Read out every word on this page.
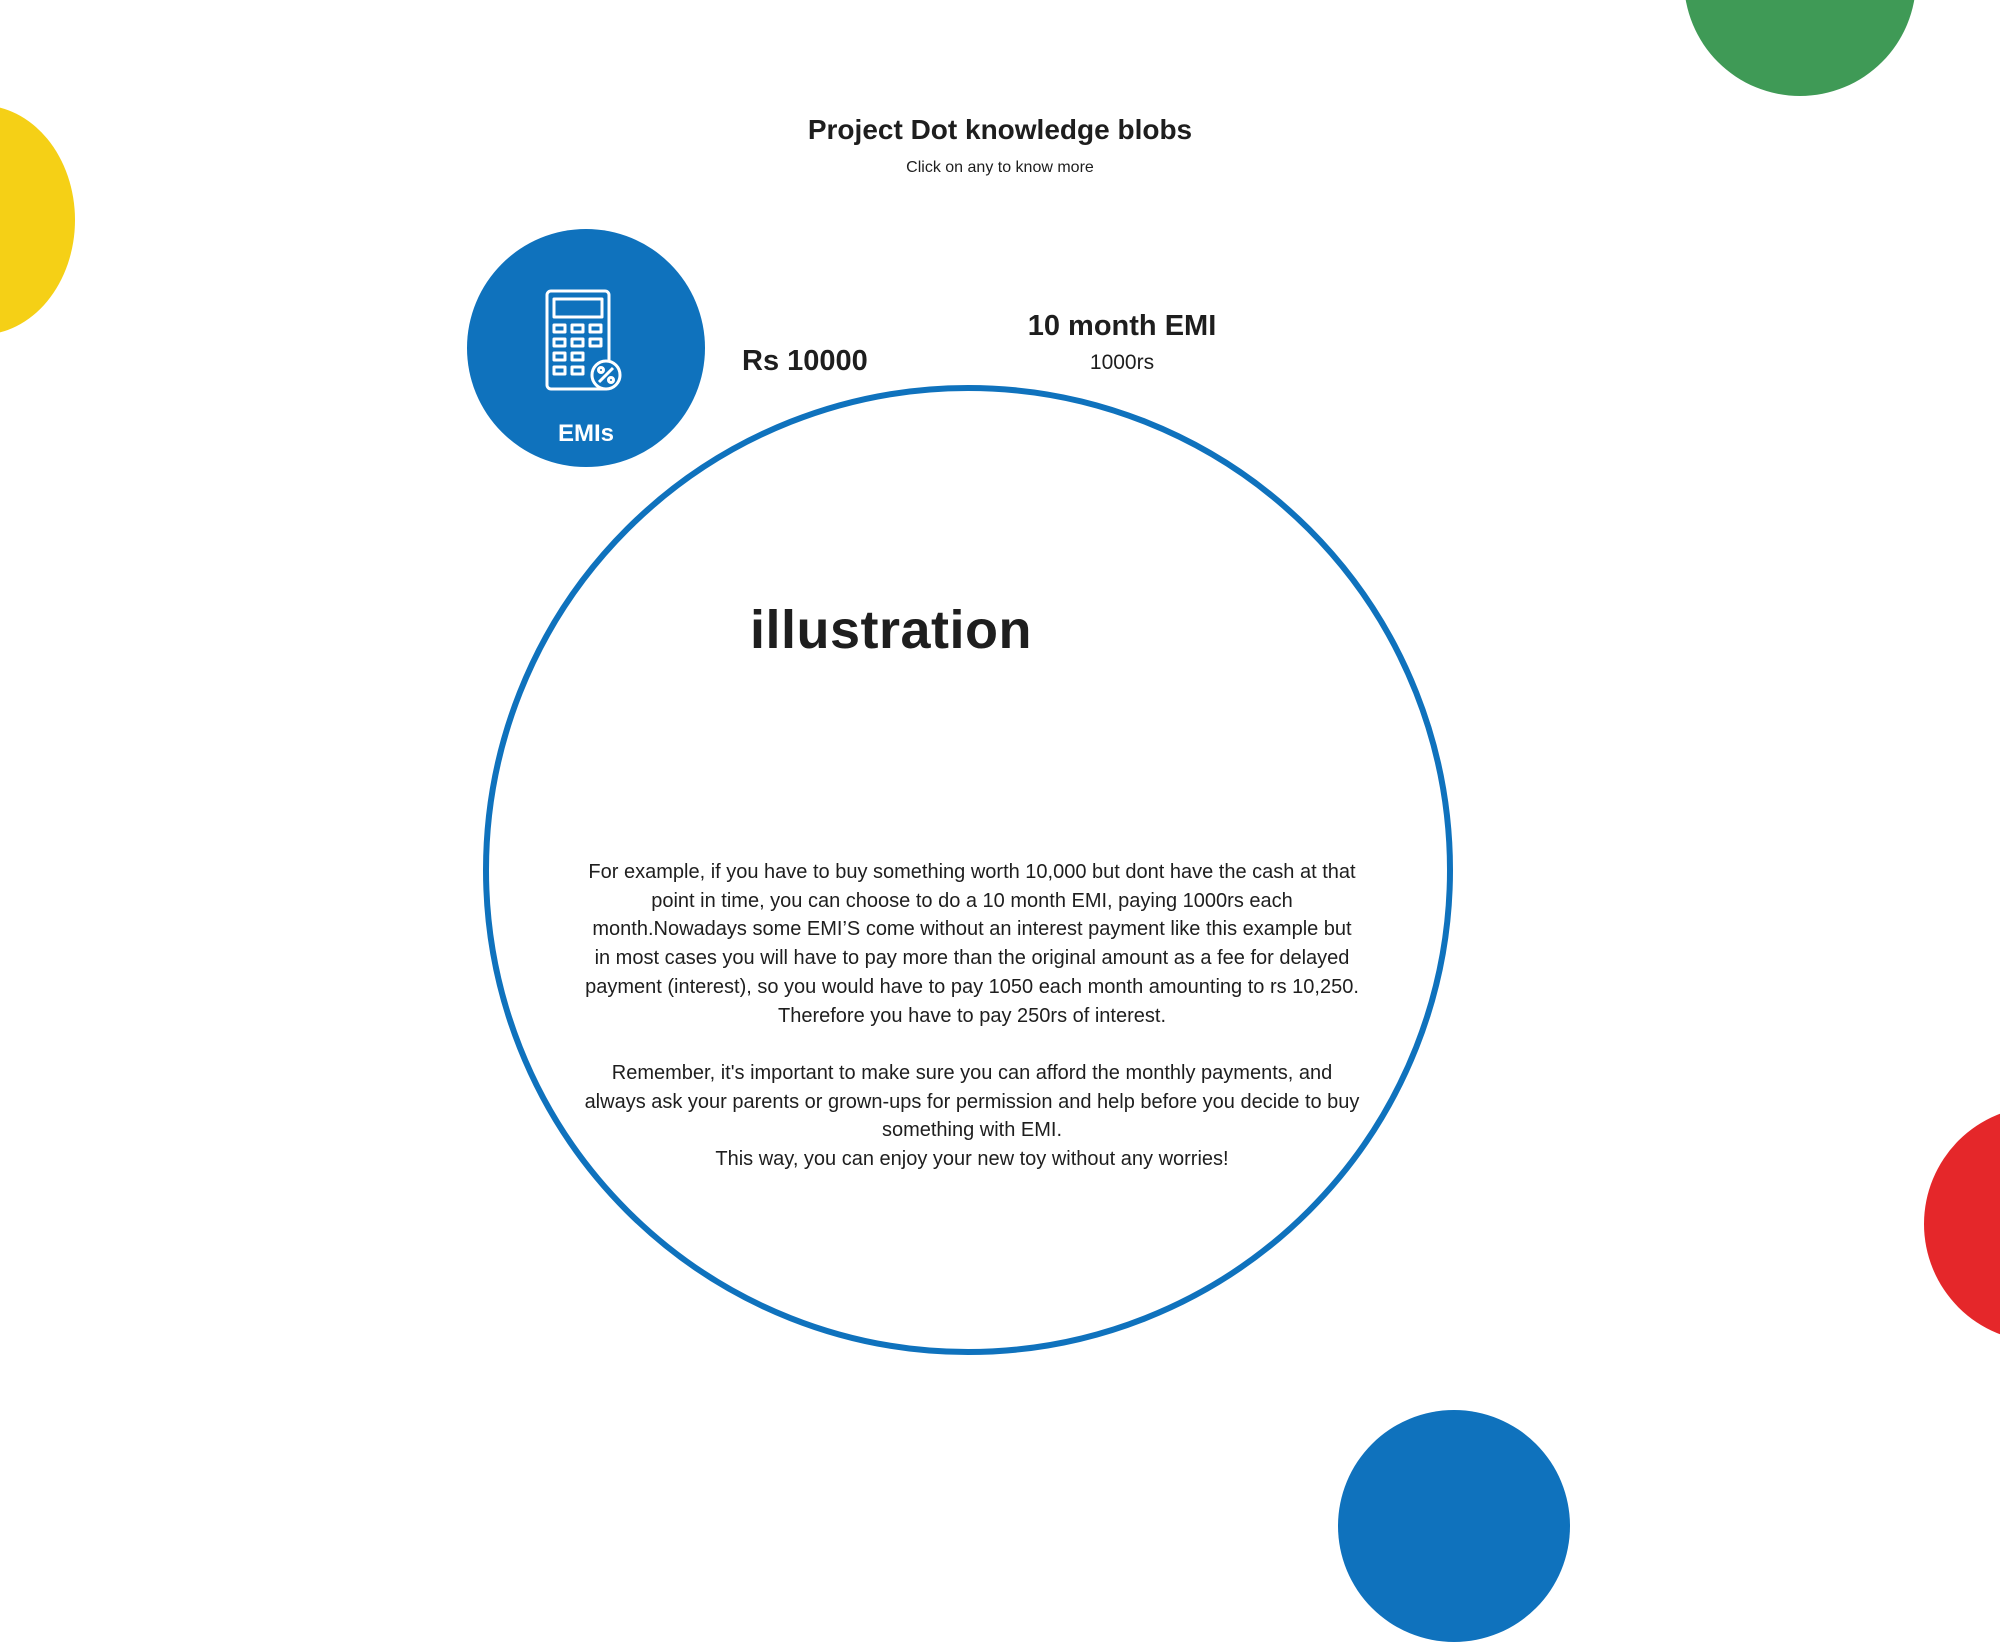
Project Dot knowledge blobs
Click on any to know more
EMIs
Rs 10000
10 month EMI
1000rs
illustration

For example, if you have to buy something worth 10,000 but dont have the cash at that point in time, you can choose to do a 10 month EMI, paying 1000rs each month.Nowadays some EMI’S come without an interest payment like this example but in most cases you will have to pay more than the original amount as a fee for delayed payment (interest), so you would have to pay 1050 each month amounting to rs 10,250. Therefore you have to pay 250rs of interest.

Remember, it's important to make sure you can afford the monthly payments, and always ask your parents or grown-ups for permission and help before you decide to buy something with EMI.

This way, you can enjoy your new toy without any worries!
